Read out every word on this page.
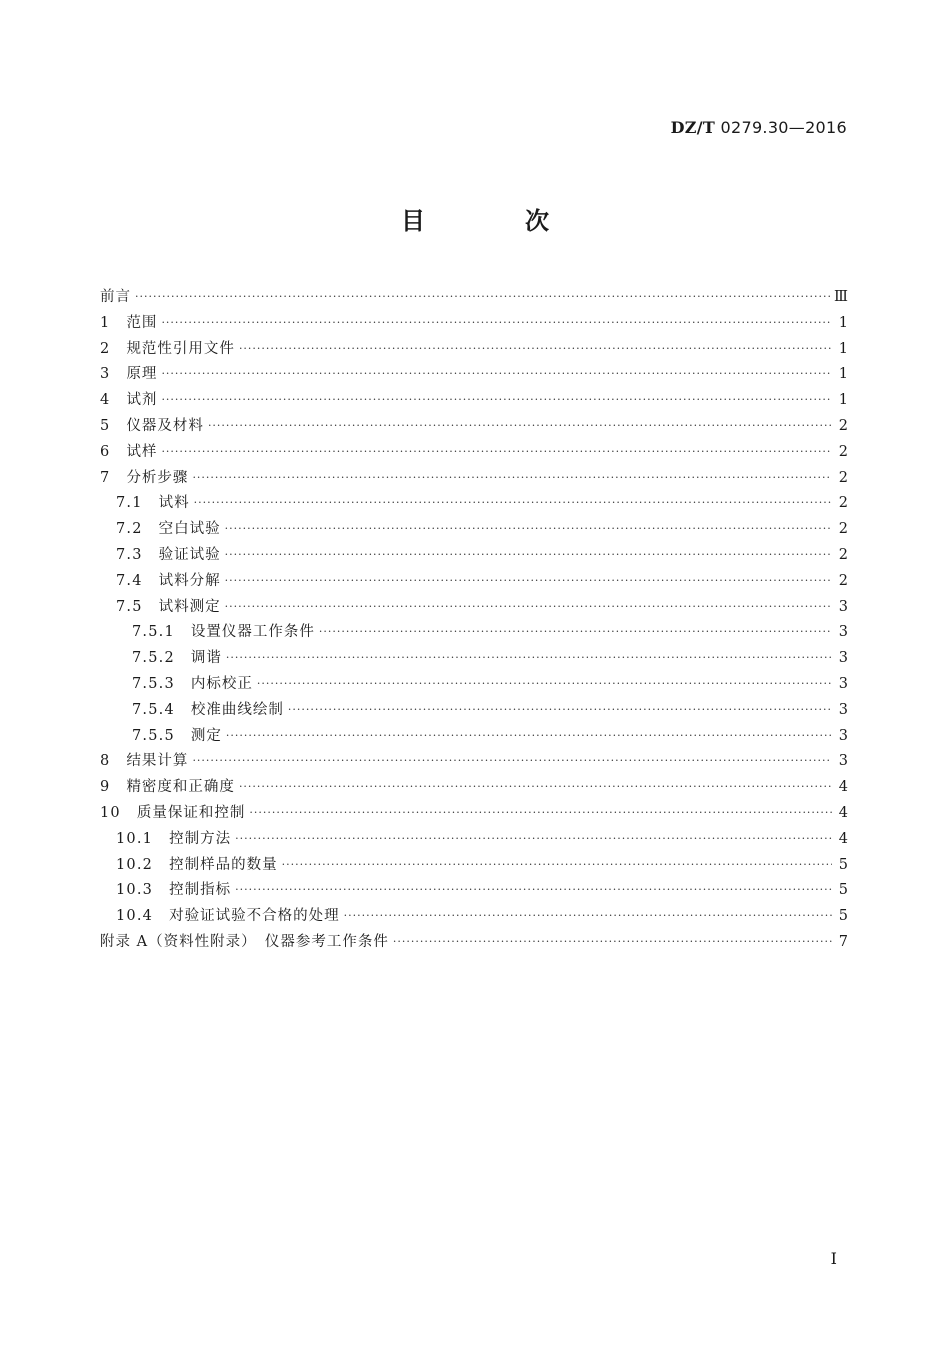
DZ/T 0279.30—2016
目　次
前言 ·····	Ⅲ
1 范围 ·····	1
2 规范性引用文件 ·····	1
3 原理 ·····	1
4 试剂 ·····	1
5 仪器及材料 ·····	2
6 试样 ·····	2
7 分析步骤 ·····	2
7.1 试料 ·····	2
7.2 空白试验 ·····	2
7.3 验证试验 ·····	2
7.4 试料分解 ·····	2
7.5 试料测定 ·····	3
7.5.1 设置仪器工作条件 ·····	3
7.5.2 调谐 ·····	3
7.5.3 内标校正 ·····	3
7.5.4 校准曲线绘制 ·····	3
7.5.5 测定 ·····	3
8 结果计算 ·····	3
9 精密度和正确度 ·····	4
10 质量保证和控制 ·····	4
10.1 控制方法 ·····	4
10.2 控制样品的数量 ·····	5
10.3 控制指标 ·····	5
10.4 对验证试验不合格的处理 ·····	5
附录 A（资料性附录）　仪器参考工作条件 ·····	7
I
